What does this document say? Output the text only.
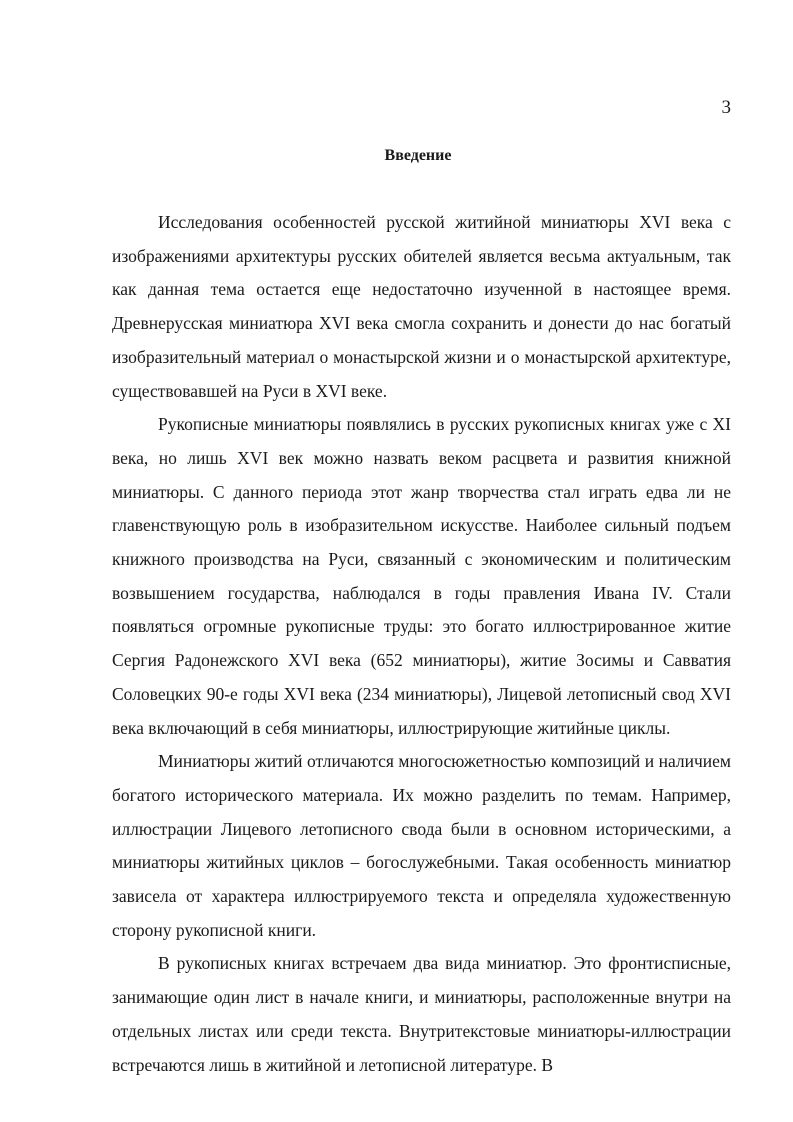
3
Введение

Исследования особенностей русской житийной миниатюры XVI века с изображениями архитектуры русских обителей является весьма актуальным, так как данная тема остается еще недостаточно изученной в настоящее время. Древнерусская миниатюра XVI века смогла сохранить и донести до нас богатый изобразительный материал о монастырской жизни и о монастырской архитектуре, существовавшей на Руси в XVI веке.

Рукописные миниатюры появлялись в русских рукописных книгах уже с XI века, но лишь XVI век можно назвать веком расцвета и развития книжной миниатюры. С данного периода этот жанр творчества стал играть едва ли не главенствующую роль в изобразительном искусстве. Наиболее сильный подъем книжного производства на Руси, связанный с экономическим и политическим возвышением государства, наблюдался в годы правления Ивана IV. Стали появляться огромные рукописные труды: это богато иллюстрированное житие Сергия Радонежского XVI века (652 миниатюры), житие Зосимы и Савватия Соловецких 90-е годы XVI века (234 миниатюры), Лицевой летописный свод XVI века включающий в себя миниатюры, иллюстрирующие житийные циклы.

Миниатюры житий отличаются многосюжетностью композиций и наличием богатого исторического материала. Их можно разделить по темам. Например, иллюстрации Лицевого летописного свода были в основном историческими, а миниатюры житийных циклов – богослужебными. Такая особенность миниатюр зависела от характера иллюстрируемого текста и определяла художественную сторону рукописной книги.

В рукописных книгах встречаем два вида миниатюр. Это фронтисписные, занимающие один лист в начале книги, и миниатюры, расположенные внутри на отдельных листах или среди текста. Внутритекстовые миниатюры-иллюстрации встречаются лишь в житийной и летописной литературе. В
